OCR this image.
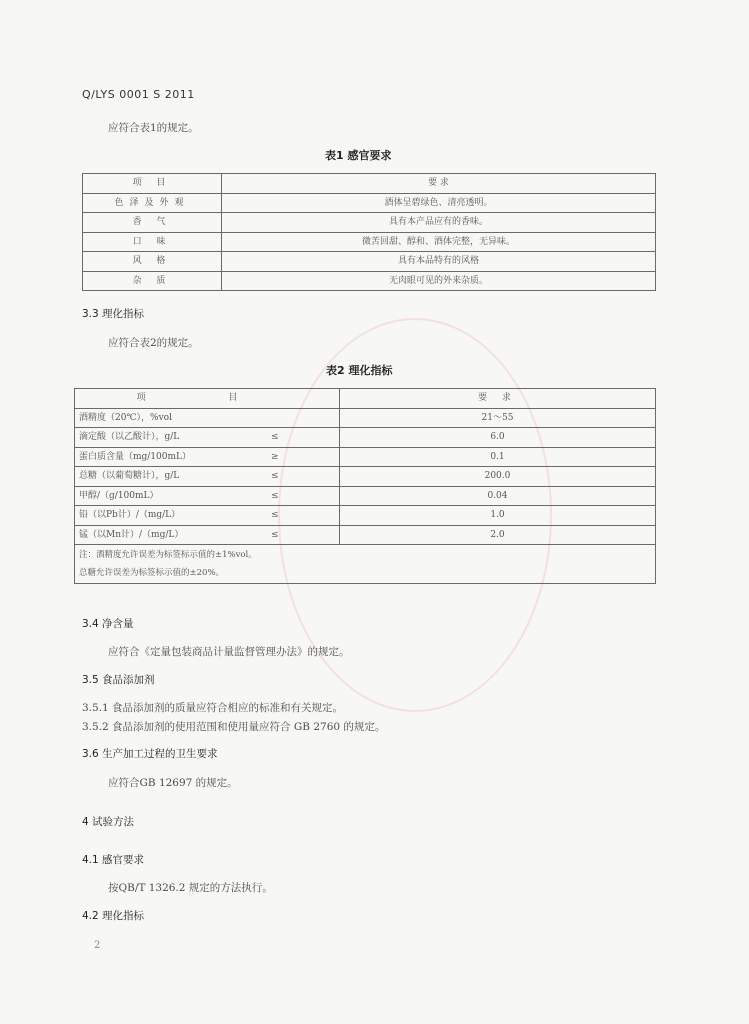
Q/LYS 0001 S 2011
应符合表1的规定。
表1 感官要求
项 目	要 求
色泽及外观	酒体呈碧绿色、清亮透明。
香 气	具有本产品应有的香味。
口 味	微苦回甜、醇和、酒体完整，无异味。
风 格	具有本品特有的风格
杂 质	无肉眼可见的外来杂质。
3.3 理化指标
应符合表2的规定。
表2 理化指标
项 目	要 求
酒精度（20℃），%vol	21～55
滴定酸（以乙酸计），g/L ≤	6.0
蛋白质含量（mg/100mL） ≥	0.1
总糖（以葡萄糖计），g/L ≤	200.0
甲醇/（g/100mL） ≤	0.04
铅（以Pb计）/（mg/L） ≤	1.0
锰（以Mn计）/（mg/L） ≤	2.0

注：酒精度允许误差为标签标示值的±1%vol。
总糖允许误差为标签标示值的±20%。	
3.4 净含量
应符合《定量包装商品计量监督管理办法》的规定。
3.5 食品添加剂
3.5.1 食品添加剂的质量应符合相应的标准和有关规定。
3.5.2 食品添加剂的使用范围和使用量应符合 GB 2760 的规定。
3.6 生产加工过程的卫生要求
应符合GB 12697 的规定。
4 试验方法
4.1 感官要求
按QB/T 1326.2 规定的方法执行。
4.2 理化指标
2
